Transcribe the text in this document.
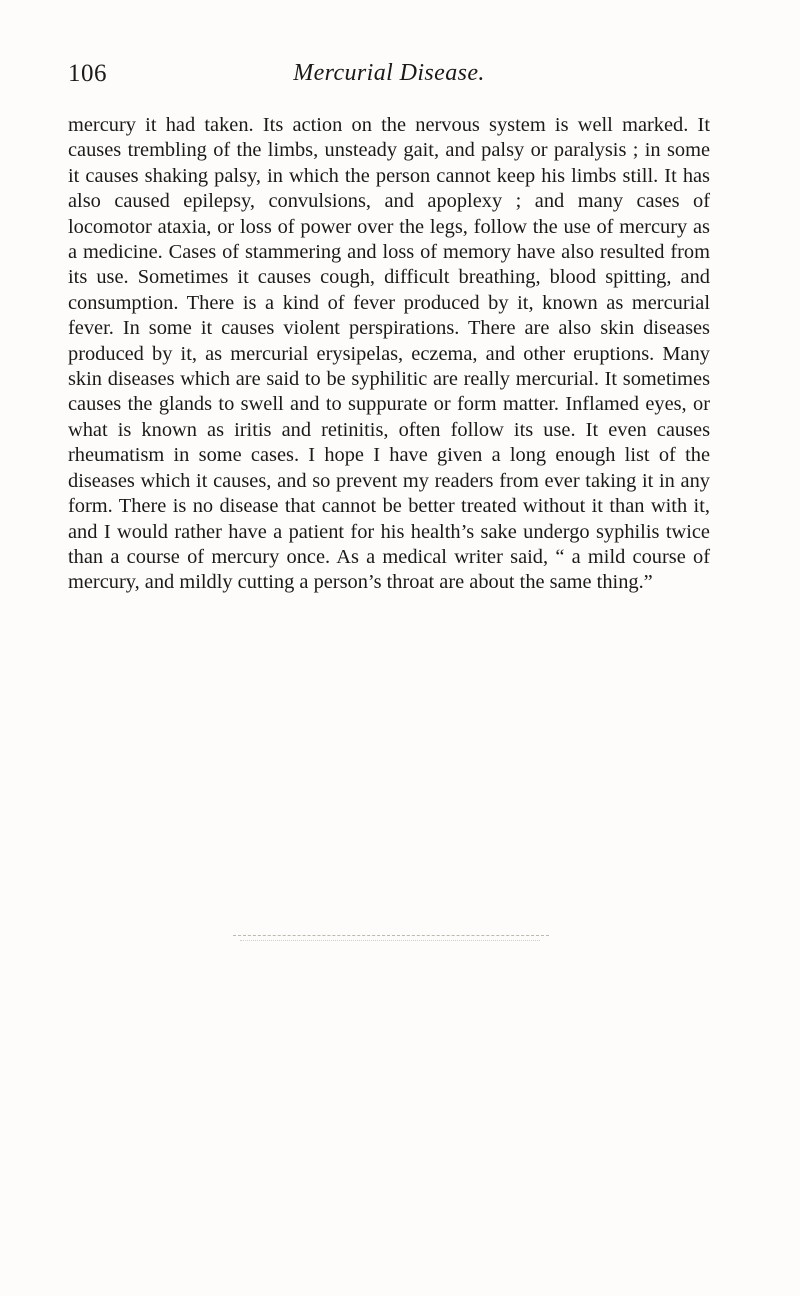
106	Mercurial Disease.

mercury it had taken. Its action on the nervous system is well marked. It causes trembling of the limbs, unsteady gait, and palsy or paralysis ; in some it causes shaking palsy, in which the person cannot keep his limbs still. It has also caused epilepsy, convulsions, and apoplexy ; and many cases of locomotor ataxia, or loss of power over the legs, follow the use of mercury as a medicine. Cases of stammering and loss of memory have also resulted from its use. Sometimes it causes cough, difficult breathing, blood spitting, and consumption. There is a kind of fever produced by it, known as mercurial fever. In some it causes violent perspirations. There are also skin diseases produced by it, as mercurial erysipelas, eczema, and other eruptions. Many skin diseases which are said to be syphilitic are really mercurial. It sometimes causes the glands to swell and to suppurate or form matter. Inflamed eyes, or what is known as iritis and retinitis, often follow its use. It even causes rheumatism in some cases. I hope I have given a long enough list of the diseases which it causes, and so prevent my readers from ever taking it in any form. There is no disease that cannot be better treated without it than with it, and I would rather have a patient for his health’s sake undergo syphilis twice than a course of mercury once. As a medical writer said, “ a mild course of mercury, and mildly cutting a person’s throat are about the same thing.”
